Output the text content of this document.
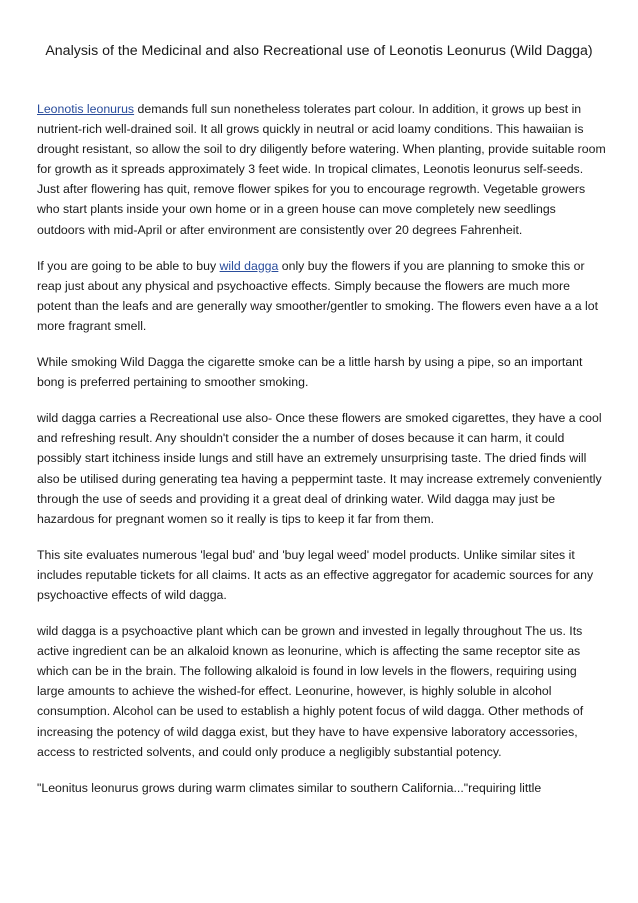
Analysis of the Medicinal and also Recreational use of Leonotis Leonurus (Wild Dagga)

Leonotis leonurus demands full sun nonetheless tolerates part colour. In addition, it grows up best in nutrient-rich well-drained soil. It all grows quickly in neutral or acid loamy conditions. This hawaiian is drought resistant, so allow the soil to dry diligently before watering. When planting, provide suitable room for growth as it spreads approximately 3 feet wide. In tropical climates, Leonotis leonurus self-seeds. Just after flowering has quit, remove flower spikes for you to encourage regrowth. Vegetable growers who start plants inside your own home or in a green house can move completely new seedlings outdoors with mid-April or after environment are consistently over 20 degrees Fahrenheit.

If you are going to be able to buy wild dagga only buy the flowers if you are planning to smoke this or reap just about any physical and psychoactive effects. Simply because the flowers are much more potent than the leafs and are generally way smoother/gentler to smoking. The flowers even have a a lot more fragrant smell.

While smoking Wild Dagga the cigarette smoke can be a little harsh by using a pipe, so an important bong is preferred pertaining to smoother smoking.

wild dagga carries a Recreational use also- Once these flowers are smoked cigarettes, they have a cool and refreshing result. Any shouldn't consider the a number of doses because it can harm, it could possibly start itchiness inside lungs and still have an extremely unsurprising taste. The dried finds will also be utilised during generating tea having a peppermint taste. It may increase extremely conveniently through the use of seeds and providing it a great deal of drinking water. Wild dagga may just be hazardous for pregnant women so it really is tips to keep it far from them.

This site evaluates numerous 'legal bud' and 'buy legal weed' model products. Unlike similar sites it includes reputable tickets for all claims. It acts as an effective aggregator for academic sources for any psychoactive effects of wild dagga.

wild dagga is a psychoactive plant which can be grown and invested in legally throughout The us. Its active ingredient can be an alkaloid known as leonurine, which is affecting the same receptor site as which can be in the brain. The following alkaloid is found in low levels in the flowers, requiring using large amounts to achieve the wished-for effect. Leonurine, however, is highly soluble in alcohol consumption. Alcohol can be used to establish a highly potent focus of wild dagga. Other methods of increasing the potency of wild dagga exist, but they have to have expensive laboratory accessories, access to restricted solvents, and could only produce a negligibly substantial potency.

"Leonitus leonurus grows during warm climates similar to southern California..."requiring little
